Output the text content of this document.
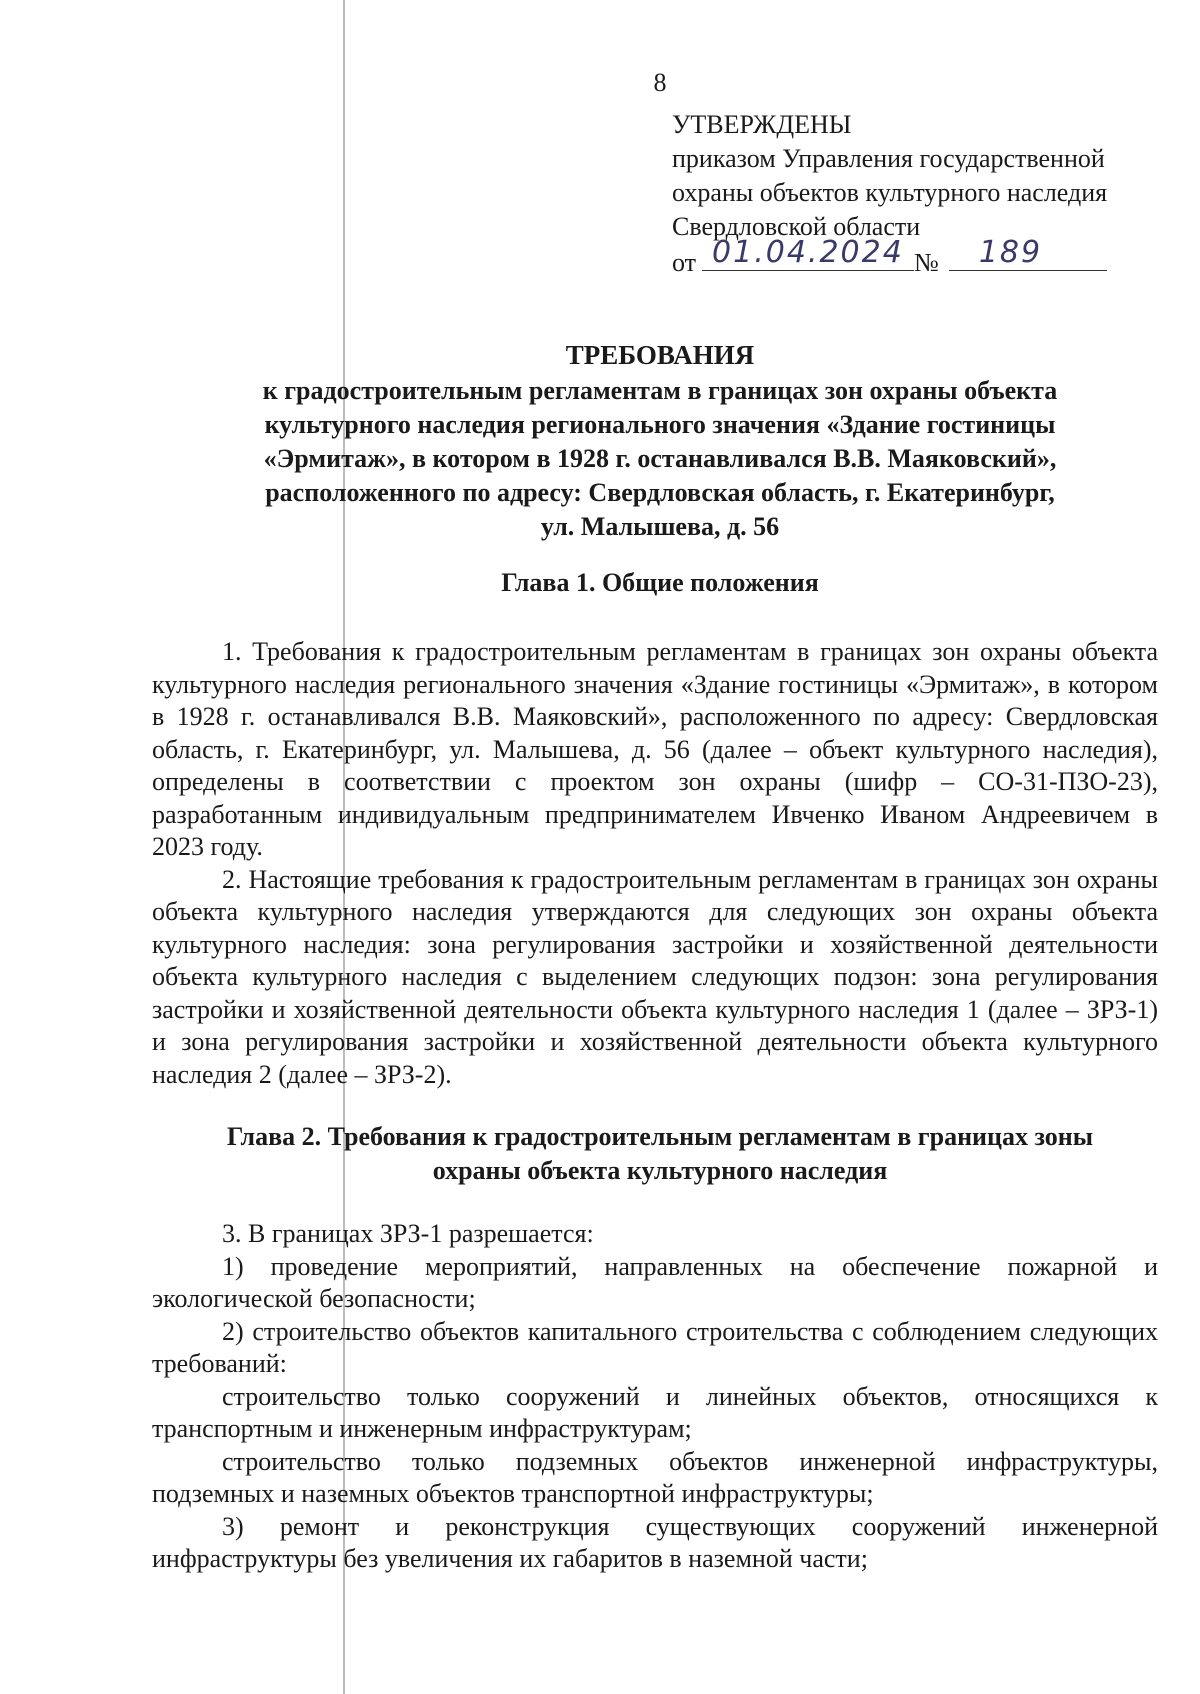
8
УТВЕРЖДЕНЫ
приказом Управления государственной
охраны объектов культурного наследия
Свердловской области
от 01.04.2024 № 189
ТРЕБОВАНИЯ
к градостроительным регламентам в границах зон охраны объекта
культурного наследия регионального значения «Здание гостиницы
«Эрмитаж», в котором в 1928 г. останавливался В.В. Маяковский»,
расположенного по адресу: Свердловская область, г. Екатеринбург,
ул. Малышева, д. 56
Глава 1. Общие положения

1. Требования к градостроительным регламентам в границах зон охраны объекта культурного наследия регионального значения «Здание гостиницы «Эрмитаж», в котором в 1928 г. останавливался В.В. Маяковский», расположенного по адресу: Свердловская область, г. Екатеринбург, ул. Малышева, д. 56 (далее – объект культурного наследия), определены в соответствии с проектом зон охраны (шифр – СО-31-ПЗО-23), разработанным индивидуальным предпринимателем Ивченко Иваном Андреевичем в 2023 году.

2. Настоящие требования к градостроительным регламентам в границах зон охраны объекта культурного наследия утверждаются для следующих зон охраны объекта культурного наследия: зона регулирования застройки и хозяйственной деятельности объекта культурного наследия с выделением следующих подзон: зона регулирования застройки и хозяйственной деятельности объекта культурного наследия 1 (далее – ЗРЗ-1) и зона регулирования застройки и хозяйственной деятельности объекта культурного наследия 2 (далее – ЗРЗ-2).

Глава 2. Требования к градостроительным регламентам в границах зоны
охраны объекта культурного наследия

3. В границах ЗРЗ-1 разрешается:

1) проведение мероприятий, направленных на обеспечение пожарной и экологической безопасности;

2) строительство объектов капитального строительства с соблюдением следующих требований:

строительство только сооружений и линейных объектов, относящихся к транспортным и инженерным инфраструктурам;

строительство только подземных объектов инженерной инфраструктуры, подземных и наземных объектов транспортной инфраструктуры;

3) ремонт и реконструкция существующих сооружений инженерной инфраструктуры без увеличения их габаритов в наземной части;
